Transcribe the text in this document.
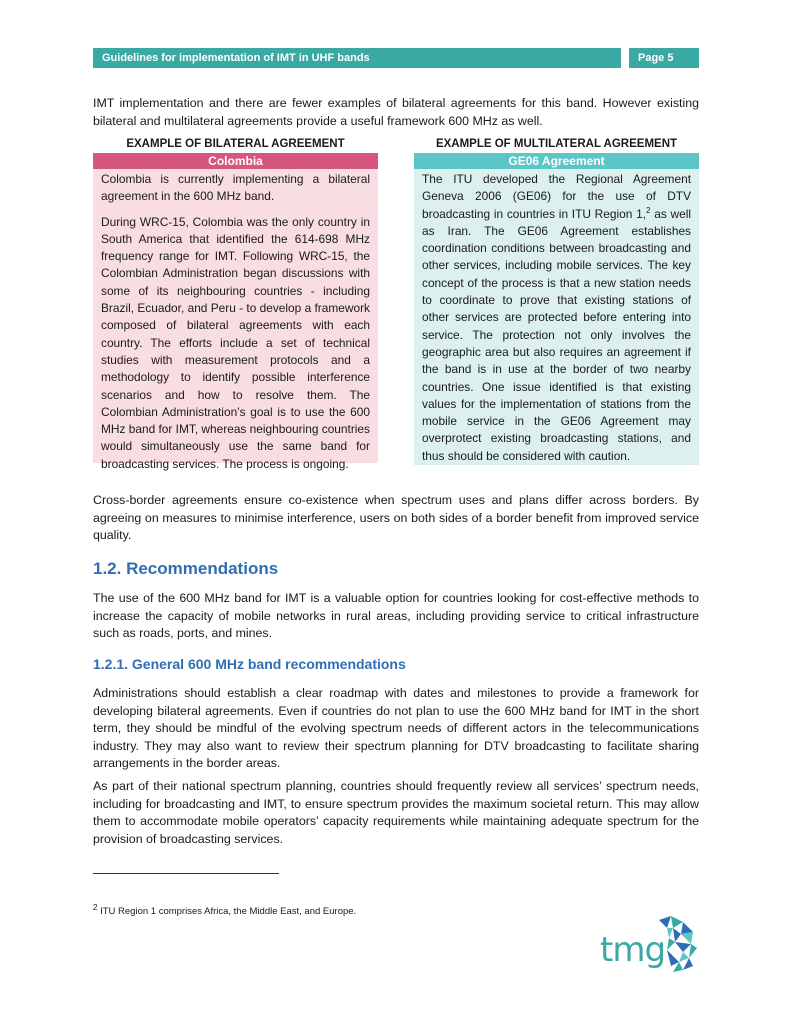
Guidelines for implementation of IMT in UHF bands	Page 5

IMT implementation and there are fewer examples of bilateral agreements for this band. However existing bilateral and multilateral agreements provide a useful framework 600 MHz as well.

EXAMPLE OF BILATERAL AGREEMENT	EXAMPLE OF MULTILATERAL AGREEMENT
Colombia

Colombia is currently implementing a bilateral agreement in the 600 MHz band.

During WRC-15, Colombia was the only country in South America that identified the 614-698 MHz frequency range for IMT. Following WRC-15, the Colombian Administration began discussions with some of its neighbouring countries - including Brazil, Ecuador, and Peru - to develop a framework composed of bilateral agreements with each country. The efforts include a set of technical studies with measurement protocols and a methodology to identify possible interference scenarios and how to resolve them. The Colombian Administration’s goal is to use the 600 MHz band for IMT, whereas neighbouring countries would simultaneously use the same band for broadcasting services. The process is ongoing.

GE06 Agreement

The ITU developed the Regional Agreement Geneva 2006 (GE06) for the use of DTV broadcasting in countries in ITU Region 1,$^2$ as well as Iran. The GE06 Agreement establishes coordination conditions between broadcasting and other services, including mobile services. The key concept of the process is that a new station needs to coordinate to prove that existing stations of other services are protected before entering into service. The protection not only involves the geographic area but also requires an agreement if the band is in use at the border of two nearby countries. One issue identified is that existing values for the implementation of stations from the mobile service in the GE06 Agreement may overprotect existing broadcasting stations, and thus should be considered with caution.

Cross-border agreements ensure co-existence when spectrum uses and plans differ across borders. By agreeing on measures to minimise interference, users on both sides of a border benefit from improved service quality.

1.2. Recommendations

The use of the 600 MHz band for IMT is a valuable option for countries looking for cost-effective methods to increase the capacity of mobile networks in rural areas, including providing service to critical infrastructure such as roads, ports, and mines.

1.2.1. General 600 MHz band recommendations

Administrations should establish a clear roadmap with dates and milestones to provide a framework for developing bilateral agreements. Even if countries do not plan to use the 600 MHz band for IMT in the short term, they should be mindful of the evolving spectrum needs of different actors in the telecommunications industry. They may also want to review their spectrum planning for DTV broadcasting to facilitate sharing arrangements in the border areas.

As part of their national spectrum planning, countries should frequently review all services’ spectrum needs, including for broadcasting and IMT, to ensure spectrum provides the maximum societal return. This may allow them to accommodate mobile operators’ capacity requirements while maintaining adequate spectrum for the provision of broadcasting services.

$^2$ ITU Region 1 comprises Africa, the Middle East, and Europe.
tmg
